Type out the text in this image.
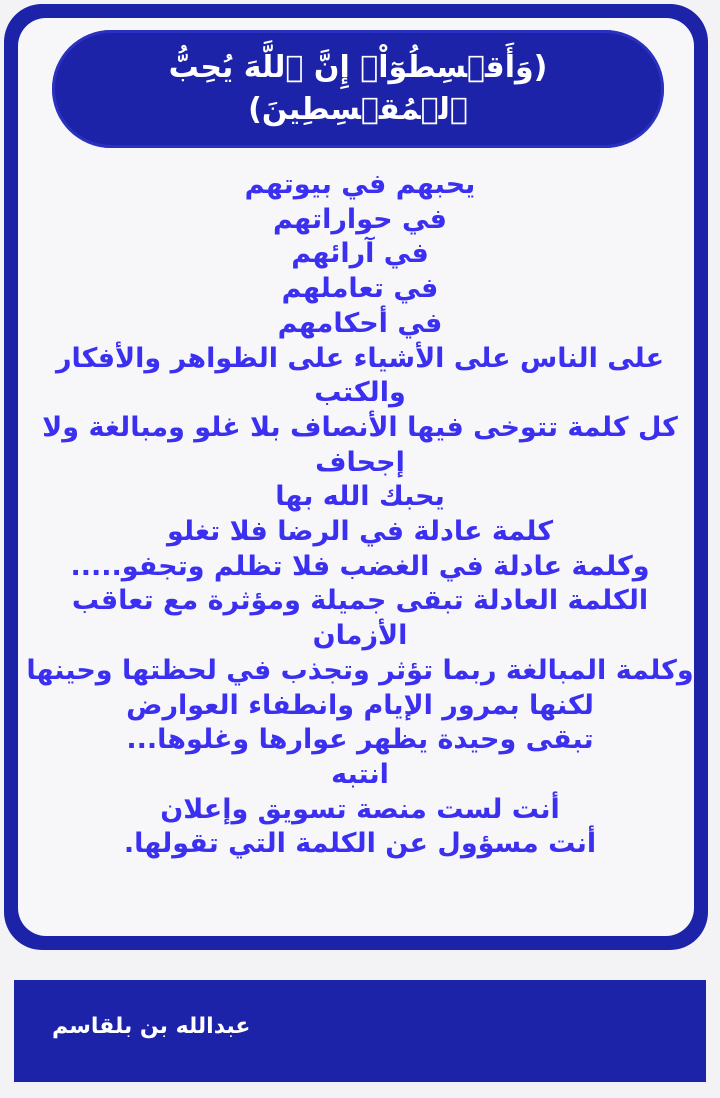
(وَأَقۡسِطُوٓاْۖ إِنَّ ٱللَّهَ يُحِبُّ ٱلۡمُقۡسِطِينَ)

يحبهم في بيوتهم
في حواراتهم
في آرائهم
في تعاملهم
في أحكامهم
على الناس على الأشياء على الظواهر والأفكار والكتب
كل كلمة تتوخى فيها الأنصاف بلا غلو ومبالغة ولا إجحاف
يحبك الله بها
كلمة عادلة في الرضا فلا تغلو
وكلمة عادلة في الغضب فلا تظلم وتجفو.....
الكلمة العادلة تبقى جميلة ومؤثرة مع تعاقب الأزمان
وكلمة المبالغة ربما تؤثر وتجذب في لحظتها وحينها
لكنها بمرور الإيام وانطفاء العوارض
تبقى وحيدة يظهر عوارها وغلوها...
انتبه
أنت لست منصة تسويق وإعلان
أنت مسؤول عن الكلمة التي تقولها.
عبدالله بن بلقاسم
